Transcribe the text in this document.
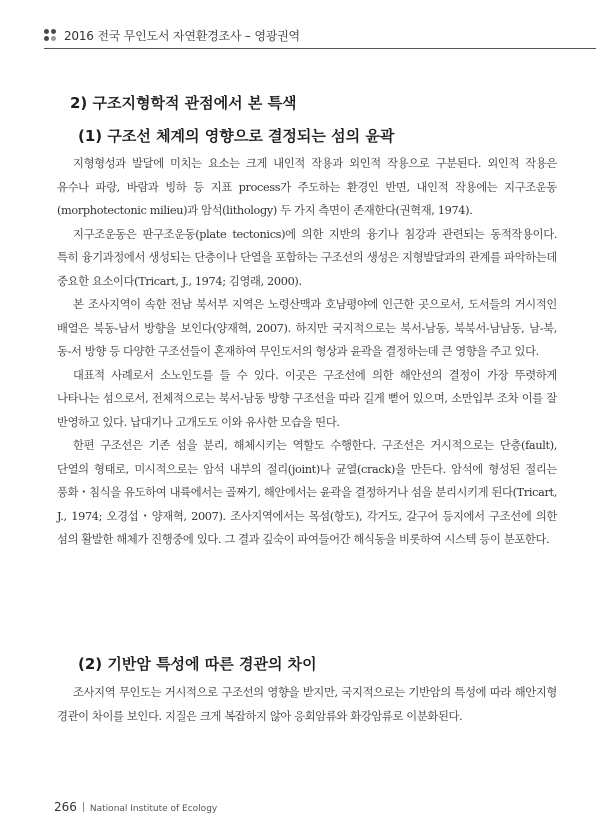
2016 전국 무인도서 자연환경조사 – 영광권역
2) 구조지형학적 관점에서 본 특색
(1) 구조선 체계의 영향으로 결정되는 섬의 윤곽

지형형성과 발달에 미치는 요소는 크게 내인적 작용과 외인적 작용으로 구분된다. 외인적 작용은 유수나 파랑, 바람과 빙하 등 지표 process가 주도하는 환경인 반면, 내인적 작용에는 지구조운동(morphotectonic milieu)과 암석(lithology) 두 가지 측면이 존재한다(권혁재, 1974).

지구조운동은 판구조운동(plate tectonics)에 의한 지반의 융기나 침강과 관련되는 동적작용이다. 특히 융기과정에서 생성되는 단층이나 단열을 포함하는 구조선의 생성은 지형발달과의 관계를 파악하는데 중요한 요소이다(Tricart, J., 1974; 김영래, 2000).

본 조사지역이 속한 전남 북서부 지역은 노령산맥과 호남평야에 인근한 곳으로서, 도서들의 거시적인 배열은 북동-남서 방향을 보인다(양재혁, 2007). 하지만 국지적으로는 북서-남동, 북북서-남남동, 남-북, 동-서 방향 등 다양한 구조선들이 혼재하여 무인도서의 형상과 윤곽을 결정하는데 큰 영향을 주고 있다.

대표적 사례로서 소노인도를 들 수 있다. 이곳은 구조선에 의한 해안선의 결정이 가장 뚜렷하게 나타나는 섬으로서, 전체적으로는 북서-남동 방향 구조선을 따라 길게 뻗어 있으며, 소만입부 조차 이를 잘 반영하고 있다. 납대기나 고개도도 이와 유사한 모습을 띤다.

한편 구조선은 기존 섬을 분리, 해체시키는 역할도 수행한다. 구조선은 거시적으로는 단층(fault), 단열의 형태로, 미시적으로는 암석 내부의 절리(joint)나 균열(crack)을 만든다. 암석에 형성된 절리는 풍화・침식을 유도하여 내륙에서는 골짜기, 해안에서는 윤곽을 결정하거나 섬을 분리시키게 된다(Tricart, J., 1974; 오경섭・양재혁, 2007). 조사지역에서는 목섬(항도), 각거도, 갈구어 등지에서 구조선에 의한 섬의 활발한 해체가 진행중에 있다. 그 결과 깊숙이 파여들어간 해식동을 비롯하여 시스텍 등이 분포한다.

(2) 기반암 특성에 따른 경관의 차이

조사지역 무인도는 거시적으로 구조선의 영향을 받지만, 국지적으로는 기반암의 특성에 따라 해안지형 경관이 차이를 보인다. 지질은 크게 복잡하지 않아 응회암류와 화강암류로 이분화된다.

266 National Institute of Ecology
